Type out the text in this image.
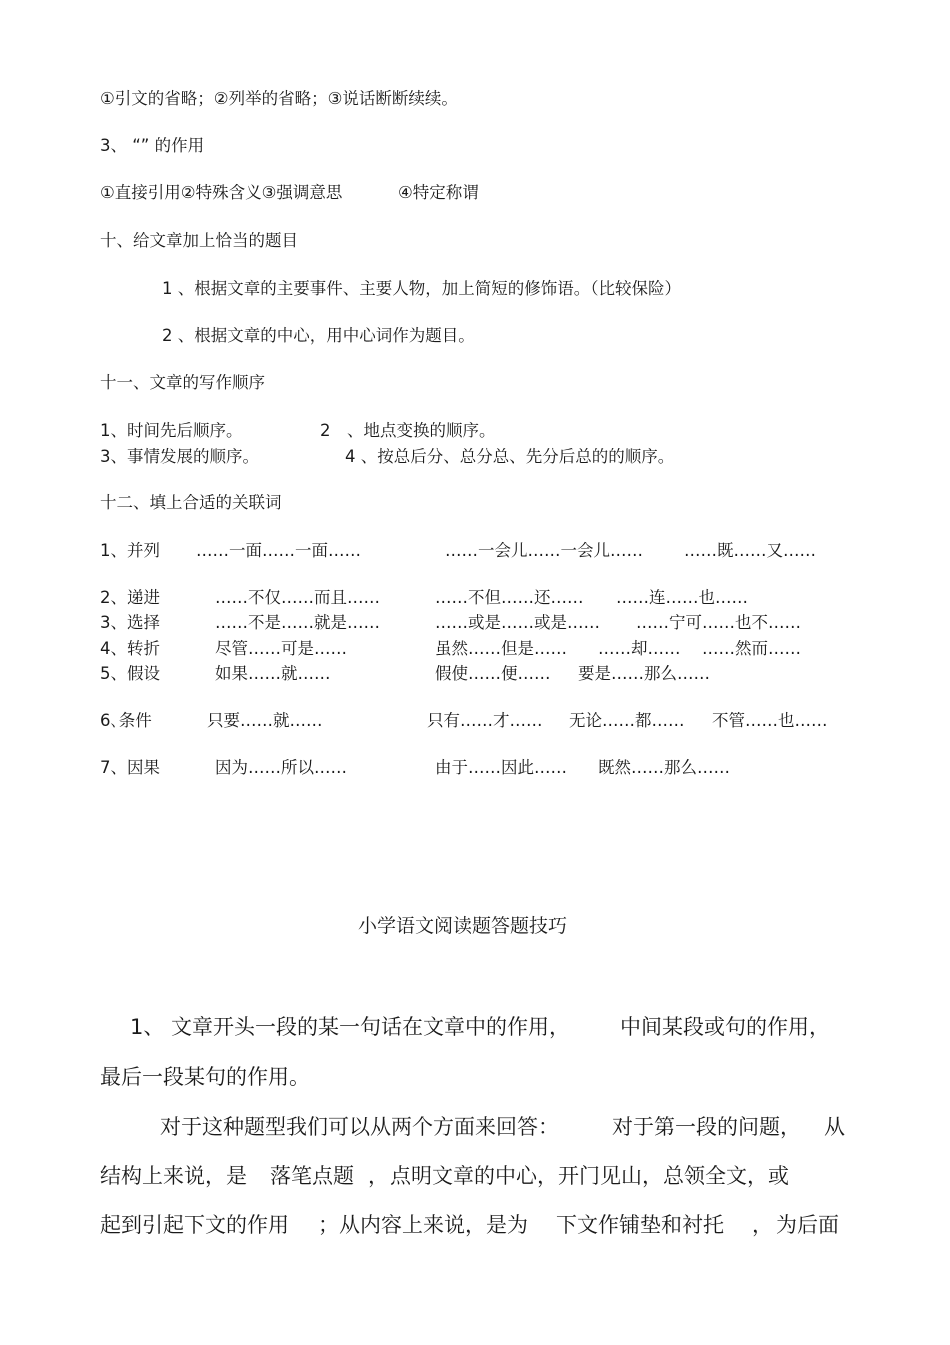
①引文的省略；②列举的省略；③说话断断续续。
3、 “” 的作用
①直接引用②特殊含义③强调意思	④特定称谓
十、给文章加上恰当的题目
1 、根据文章的主要事件、主要人物，加上简短的修饰语。（比较保险）
2 、根据文章的中心，用中心词作为题目。
十一、文章的写作顺序
1、时间先后顺序。	2　、地点变换的顺序。
3、事情发展的顺序。	4 、按总后分、总分总、先分后总的的顺序。
十二、填上合适的关联词
1、并列 ……一面……一面……	……一会儿……一会儿…… ……既……又……
2、递进	……不仅……而且……	……不但……还…… ……连……也……
3、选择	……不是……就是……	……或是……或是…… ……宁可……也不……
4、转折	尽管……可是……	虽然……但是…… ……却…… ……然而……
5、假设	如果……就……	假使……便…… 要是……那么……
6､条件	只要……就……	只有……才…… 无论……都…… 不管……也……
7、因果	因为……所以……	由于……因此…… 既然……那么……
小学语文阅读题答题技巧
1、 文章开头一段的某一句话在文章中的作用， 中间某段或句的作用，
最后一段某句的作用。
对于这种题型我们可以从两个方面来回答：	对于第一段的问题， 从
结构上来说，是 落笔点题 ， 点明文章的中心，开门见山，总领全文，或
起到引起下文的作用 ；从内容上来说，是为 下文作铺垫和衬托 ， 为后面
